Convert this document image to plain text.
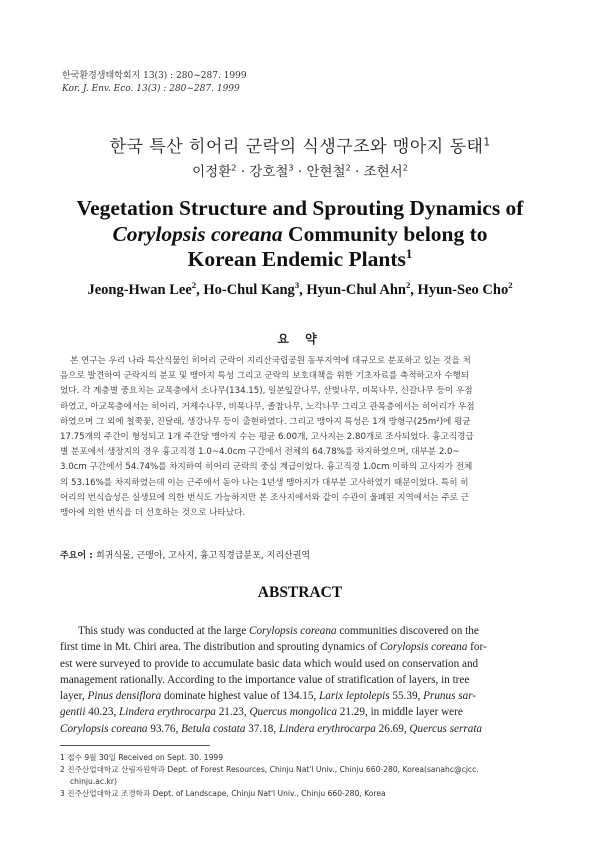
한국환경생태학회지 13(3) : 280~287. 1999
Kor. J. Env. Eco. 13(3) : 280~287. 1999
한국 특산 히어리 군락의 식생구조와 맹아지 동태$^1$
이정환$^2$ · 강호철$^3$ · 안현철$^2$ · 조현서$^2$
Vegetation Structure and Sprouting Dynamics of
Corylopsis coreana Community belong to
Korean Endemic Plants$^1$
Jeong-Hwan Lee$^2$, Ho-Chul Kang$^3$, Hyun-Chul Ahn$^2$, Hyun-Seo Cho$^2$
요 약
본 연구는 우리 나라 특산식물인 히어리 군락이 지리산국립공원 동부지역에 대규모로 분포하고 있는 것을 처
음으로 발견하여 군락지의 분포 및 맹아지 특성 그리고 군락의 보호대책을 위한 기초자료를 축적하고자 수행되
었다. 각 계층별 중요치는 교목층에서 소나무(134.15), 일본잎갈나무, 산벚나무, 비목나무, 신갈나무 등이 우점
하였고, 아교목층에서는 히어리, 거제수나무, 비목나무, 졸참나무, 노각나무 그리고 관목층에서는 히어리가 우점
하였으며 그 외에 철쭉꽃, 진달래, 생강나무 등이 출현하였다. 그리고 맹아지 특성은 1개 방형구(25m²)에 평균
17.75개의 주간이 형성되고 1개 주간당 맹아지 수는 평균 6.00개, 고사지는 2.80개로 조사되었다. 흉고직경급
별 분포에서 생장지의 경우 흉고직경 1.0~4.0cm 구간에서 전체의 64.78%를 차지하였으며, 대부분 2.0~
3.0cm 구간에서 54.74%를 차지하여 히어리 군락의 중심 계급이었다. 흉고직경 1.0cm 이하의 고사지가 전체
의 53.16%를 차지하였는데 이는 근주에서 돋아 나는 1년생 맹아지가 대부분 고사하였기 때문이었다. 특히 히
어리의 번식습성은 실생묘에 의한 번식도 가능하지만 본 조사지에서와 같이 수관이 울폐된 지역에서는 주로 근
맹아에 의한 번식을 더 선호하는 것으로 나타났다.
주요어 : 희귀식물, 근맹아, 고사지, 흉고직경급분포, 지리산권역
ABSTRACT
This study was conducted at the large Corylopsis coreana communities discovered on the
first time in Mt. Chiri area. The distribution and sprouting dynamics of Corylopsis coreana for-
est were surveyed to provide to accumulate basic data which would used on conservation and
management rationally. According to the importance value of stratification of layers, in tree
layer, Pinus densiflora dominate highest value of 134.15, Larix leptolepis 55.39, Prunus sar-
gentii 40.23, Lindera erythrocarpa 21.23, Quercus mongolica 21.29, in middle layer were
Corylopsis coreana 93.76, Betula costata 37.18, Lindera erythrocarpa 26.69, Quercus serrata
1 접수 9월 30일 Received on Sept. 30. 1999
2 진주산업대학교 산림자원학과 Dept. of Forest Resources, Chinju Nat'l Univ., Chinju 660-280, Korea(sanahc@cjcc.
chinju.ac.kr)
3 진주산업대학교 조경학과 Dept. of Landscape, Chinju Nat'l Univ., Chinju 660-280, Korea
